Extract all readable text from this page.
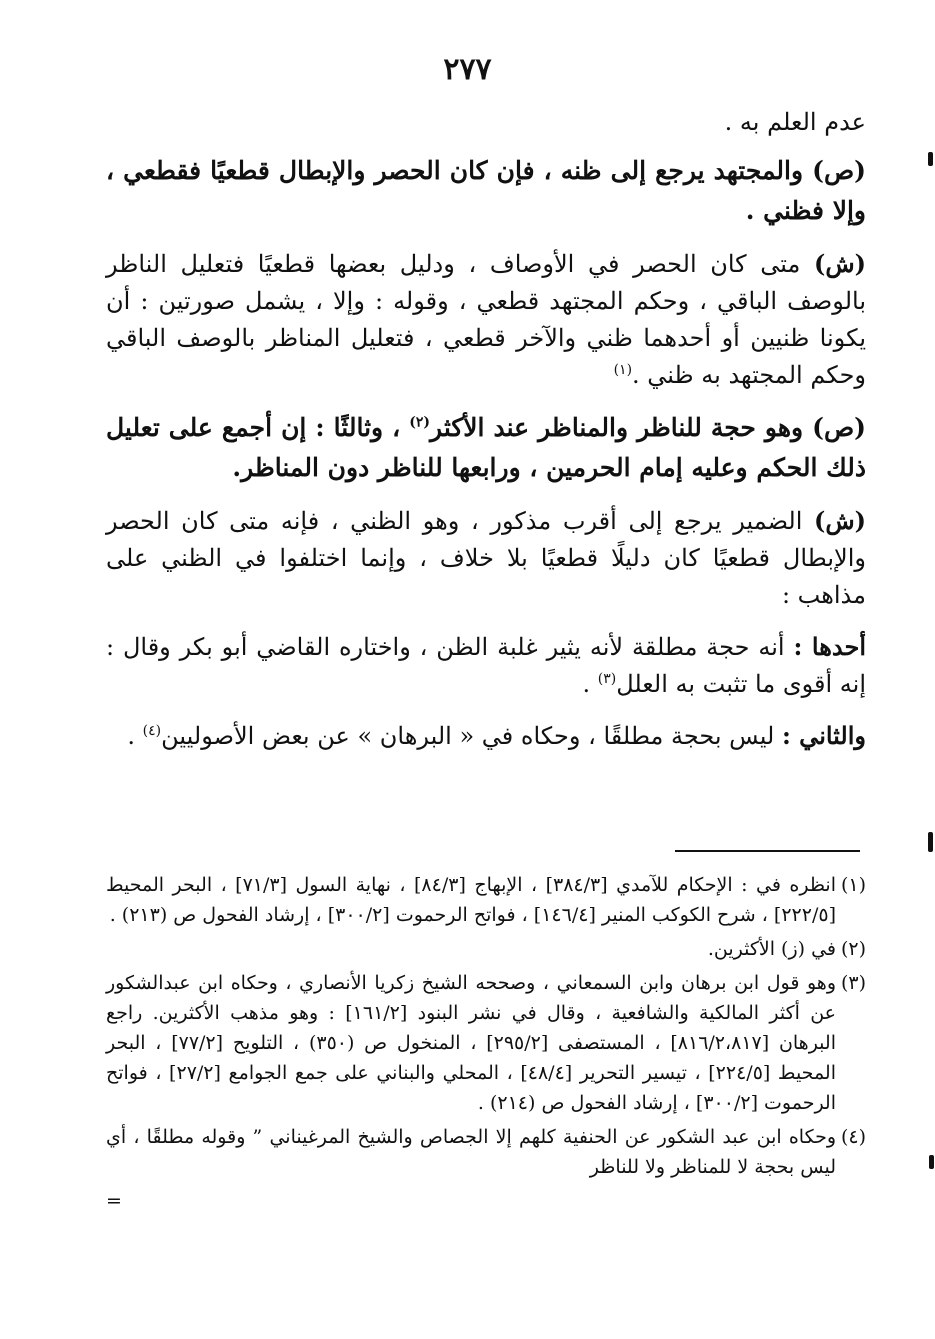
٢٧٧

عدم العلم به .

(ص) والمجتهد يرجع إلى ظنه ، فإن كان الحصر والإبطال قطعيًا فقطعي ، وإلا فظني .

(ش) متى كان الحصر في الأوصاف ، ودليل بعضها قطعيًا فتعليل الناظر بالوصف الباقي ، وحكم المجتهد قطعي ، وقوله : وإلا ، يشمل صورتين : أن يكونا ظنيين أو أحدهما ظني والآخر قطعي ، فتعليل المناظر بالوصف الباقي وحكم المجتهد به ظني .$^{(١)}$

(ص) وهو حجة للناظر والمناظر عند الأكثر$^{(٢)}$ ، وثالثًا : إن أجمع على تعليل ذلك الحكم وعليه إمام الحرمين ، ورابعها للناظر دون المناظر.

(ش) الضمير يرجع إلى أقرب مذكور ، وهو الظني ، فإنه متى كان الحصر والإبطال قطعيًا كان دليلًا قطعيًا بلا خلاف ، وإنما اختلفوا في الظني على مذاهب :

أحدها : أنه حجة مطلقة لأنه يثير غلبة الظن ، واختاره القاضي أبو بكر وقال : إنه أقوى ما تثبت به العلل$^{(٣)}$ .

والثاني : ليس بحجة مطلقًا ، وحكاه في « البرهان » عن بعض الأصوليين$^{(٤)}$ .

(١)
انظره في : الإحكام للآمدي [٣٨٤/٣] ، الإبهاج [٨٤/٣] ، نهاية السول [٧١/٣] ، البحر المحيط [٢٢٢/٥] ، شرح الكوكب المنير [١٤٦/٤] ، فواتح الرحموت [٣٠٠/٢] ، إرشاد الفحول ص (٢١٣) .

(٢)
في (ز) الأكثرين.

(٣)
وهو قول ابن برهان وابن السمعاني ، وصححه الشيخ زكريا الأنصاري ، وحكاه ابن عبدالشكور عن أكثر المالكية والشافعية ، وقال في نشر البنود [١٦١/٢] : وهو مذهب الأكثرين. راجع البرهان [٨١٦/٢،٨١٧] ، المستصفى [٢٩٥/٢] ، المنخول ص (٣٥٠) ، التلويح [٧٧/٢] ، البحر المحيط [٢٢٤/٥] ، تيسير التحرير [٤٨/٤] ، المحلي والبناني على جمع الجوامع [٢٧/٢] ، فواتح الرحموت [٣٠٠/٢] ، إرشاد الفحول ص (٢١٤) .

(٤)
وحكاه ابن عبد الشكور عن الحنفية كلهم إلا الجصاص والشيخ المرغيناني ” وقوله مطلقًا ، أي ليس بحجة لا للمناظر ولا للناظر

=
